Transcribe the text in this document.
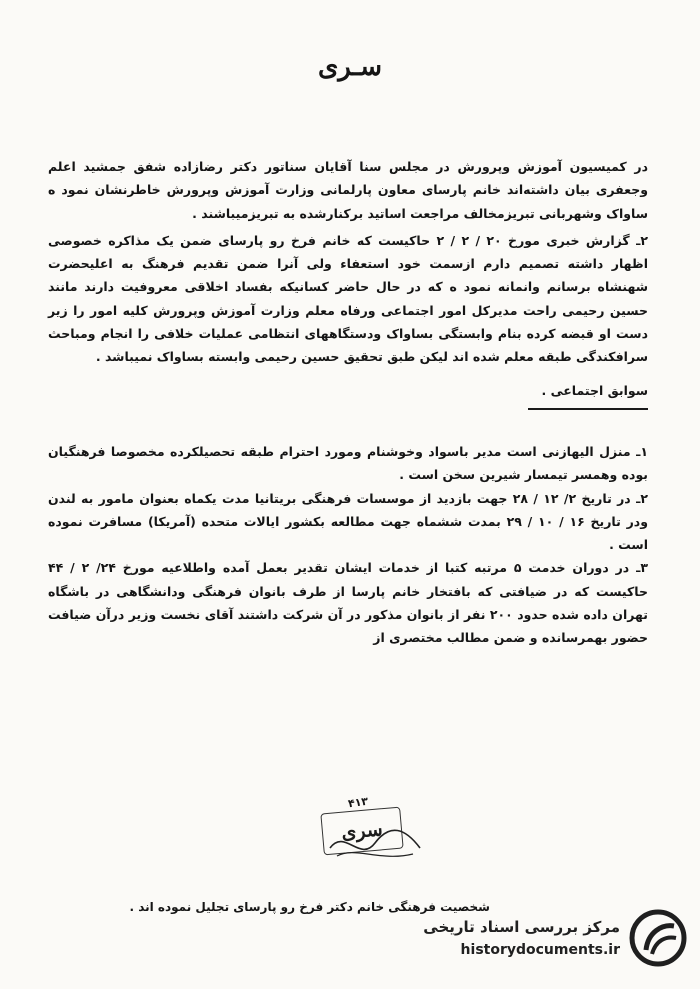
سـرى

در کمیسیون آموزش وپرورش در مجلس سنا آقایان سناتور دکتر رضازاده شفق جمشید اعلم وجعفری بیان داشته‌اند خانم پارسای معاون پارلمانی وزارت آموزش وپرورش خاطرنشان نمود ه ساواک وشهربانی تبریزمخالف مراجعت اساتید برکنارشده به تبریزمیباشند .

۲ـ گزارش خبری مورخ ۲۰ / ۲ / ۲ حاکیست که خانم فرخ رو پارسای ضمن یک مذاکره خصوصی اظهار داشته تصمیم دارم ازسمت خود استعفاء ولی آنرا ضمن تقدیم فرهنگ به اعلیحضرت شهنشاه برسانم وانمانه نمود ه که در حال حاضر کسانیکه بفساد اخلاقی معروفیت دارند مانند حسین رحیمی راحت مدیرکل امور اجتماعی ورفاه معلم وزارت آموزش وپرورش کلیه امور را زیر دست او قبضه کرده بنام وابستگی بساواک ودستگاههای انتظامی عملیات خلافی را انجام ومباحث سرافکندگی طبقه معلم شده اند لیکن طبق تحقیق حسین رحیمی وابسته بساواک نمیباشد .

سوابق اجتماعی .

۱ـ منزل الیهازنی است مدیر باسواد وخوشنام ومورد احترام طبقه تحصیلکرده مخصوصا فرهنگیان بوده وهمسر تیمسار شیرین سخن است .

۲ـ در تاریخ ۲/ ۱۲ / ۲۸ جهت بازدید از موسسات فرهنگی بریتانیا مدت یکماه بعنوان مامور به لندن ودر تاریخ ۱۶ / ۱۰ / ۲۹ بمدت ششماه جهت مطالعه بکشور ایالات متحده (آمریکا) مسافرت نموده است .

۳ـ در دوران خدمت ۵ مرتبه کتبا از خدمات ایشان تقدیر بعمل آمده واطلاعیه مورخ ۲۴/ ۲ / ۴۴ حاکیست که در ضیافتی که بافتخار خانم پارسا از طرف بانوان فرهنگی ودانشگاهی در باشگاه تهران داده شده حدود ۲۰۰ نفر از بانوان مذکور در آن شرکت داشتند آقای نخست وزیر درآن ضیافت حضور بهمرسانده و ضمن مطالب مختصری از

۴۱۳
سری
شخصیت فرهنگی خانم دکتر فرخ رو پارسای تجلیل نموده اند .
مرکز بررسی اسناد تاریخی
historydocuments.ir
